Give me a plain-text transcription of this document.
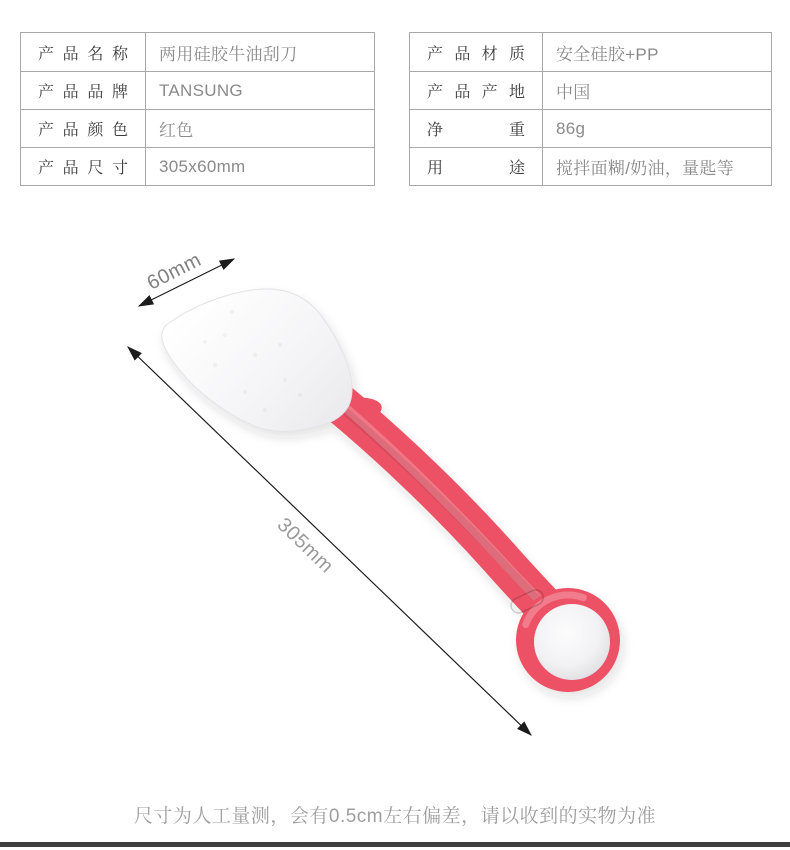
产品名称 两用硅胶牛油刮刀
产品品牌 TANSUNG
产品颜色 红色
产品尺寸 305x60mm
产品材质 安全硅胶+PP
产品产地 中国
净重 86g
用途 搅拌面糊/奶油，量匙等
60mm
305mm
尺寸为人工量测，会有0.5cm左右偏差，请以收到的实物为准
